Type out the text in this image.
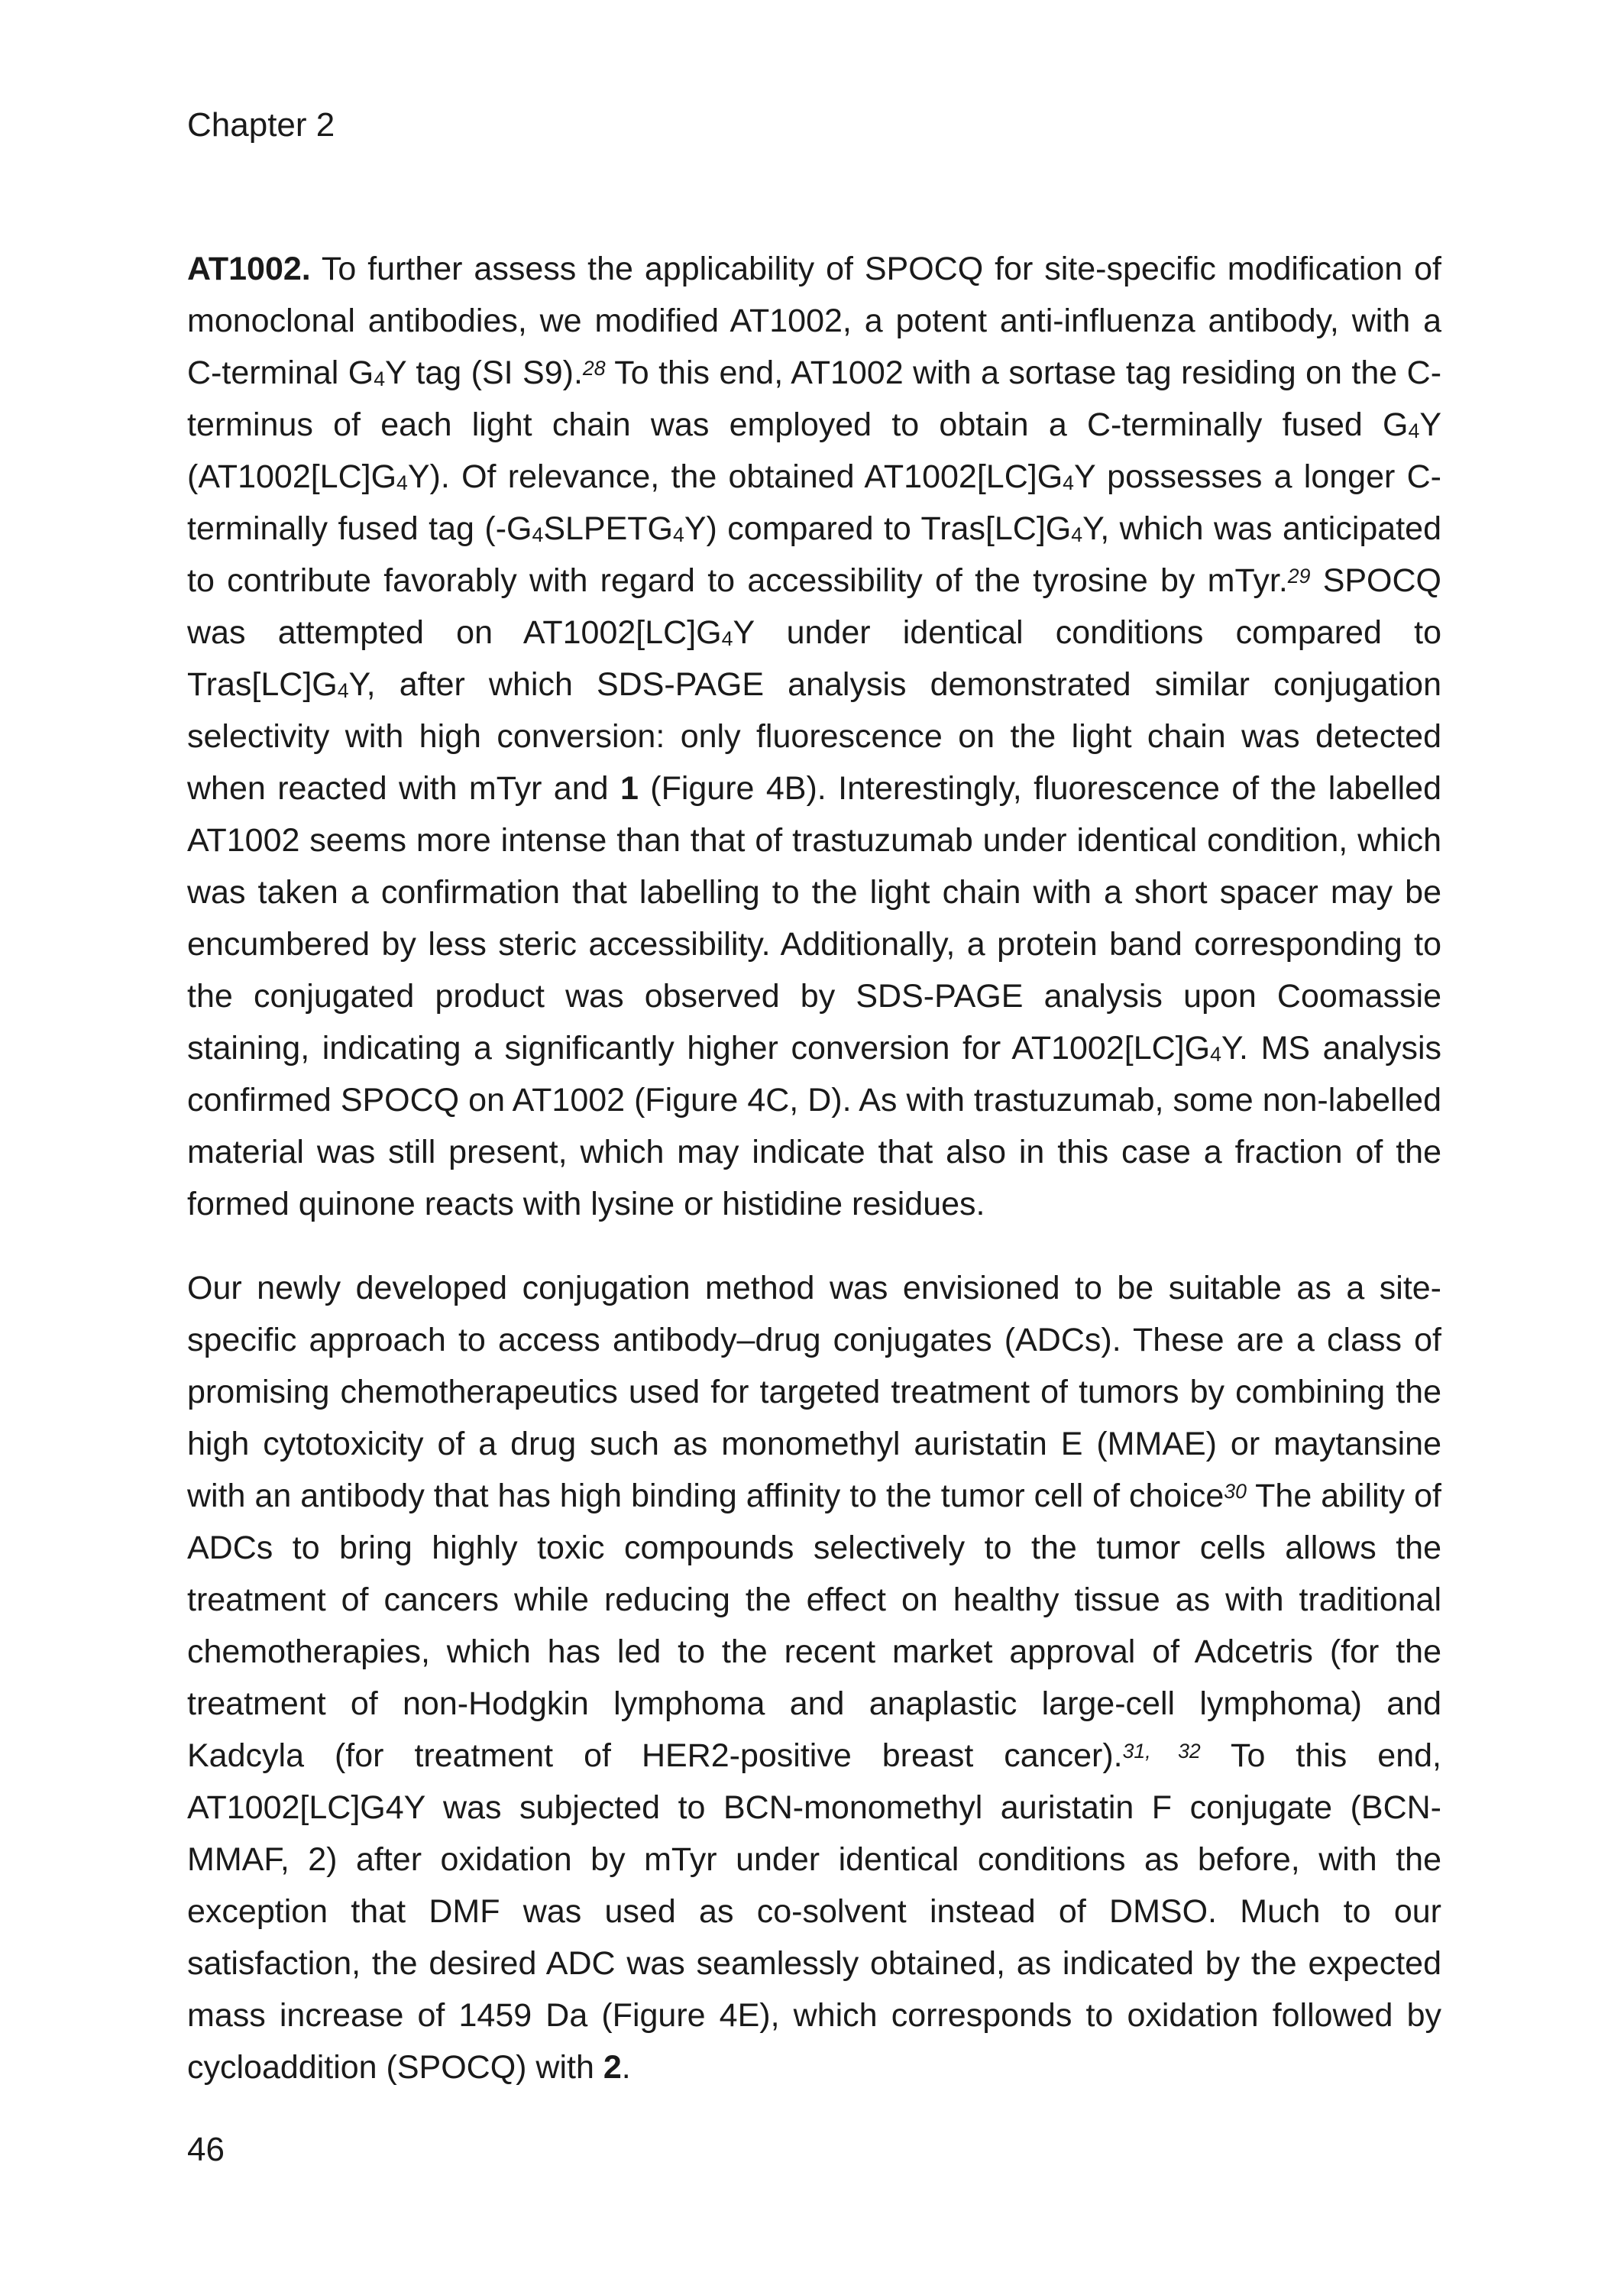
Chapter 2

AT1002. To further assess the applicability of SPOCQ for site-specific modification of monoclonal antibodies, we modified AT1002, a potent anti-influenza antibody, with a C-terminal $G_4Y$ tag (SI S9).$^{28}$ To this end, AT1002 with a sortase tag residing on the C-terminus of each light chain was employed to obtain a C-terminally fused $G_4Y$ $(AT1002[LC]G_4Y)$. Of relevance, the obtained $AT1002[LC]G_4Y$ possesses a longer C-terminally fused tag $(-G_4SLPETG_4Y)$ compared to $Tras[LC]G_4Y$, which was anticipated to contribute favorably with regard to accessibility of the tyrosine by mTyr.$^{29}$ SPOCQ was attempted on $AT1002[LC]G_4Y$ under identical conditions compared to $Tras[LC]G_4Y$, after which SDS-PAGE analysis demonstrated similar conjugation selectivity with high conversion: only fluorescence on the light chain was detected when reacted with mTyr and 1 (Figure 4B). Interestingly, fluorescence of the labelled AT1002 seems more intense than that of trastuzumab under identical condition, which was taken a confirmation that labelling to the light chain with a short spacer may be encumbered by less steric accessibility. Additionally, a protein band corresponding to the conjugated product was observed by SDS-PAGE analysis upon Coomassie staining, indicating a significantly higher conversion for $AT1002[LC]G_4Y$. MS analysis confirmed SPOCQ on AT1002 (Figure 4C, D). As with trastuzumab, some non-labelled material was still present, which may indicate that also in this case a fraction of the formed quinone reacts with lysine or histidine residues.

Our newly developed conjugation method was envisioned to be suitable as a site-specific approach to access antibody–drug conjugates (ADCs). These are a class of promising chemotherapeutics used for targeted treatment of tumors by combining the high cytotoxicity of a drug such as monomethyl auristatin E (MMAE) or maytansine with an antibody that has high binding affinity to the tumor cell of choice$^{30}$ The ability of ADCs to bring highly toxic compounds selectively to the tumor cells allows the treatment of cancers while reducing the effect on healthy tissue as with traditional chemotherapies, which has led to the recent market approval of Adcetris (for the treatment of non-Hodgkin lymphoma and anaplastic large-cell lymphoma) and Kadcyla (for treatment of HER2-positive breast cancer).$^{31, 32}$ To this end, AT1002[LC]G4Y was subjected to BCN-monomethyl auristatin F conjugate (BCN-MMAF, 2) after oxidation by mTyr under identical conditions as before, with the exception that DMF was used as co-solvent instead of DMSO. Much to our satisfaction, the desired ADC was seamlessly obtained, as indicated by the expected mass increase of 1459 Da (Figure 4E), which corresponds to oxidation followed by cycloaddition (SPOCQ) with 2.

46
